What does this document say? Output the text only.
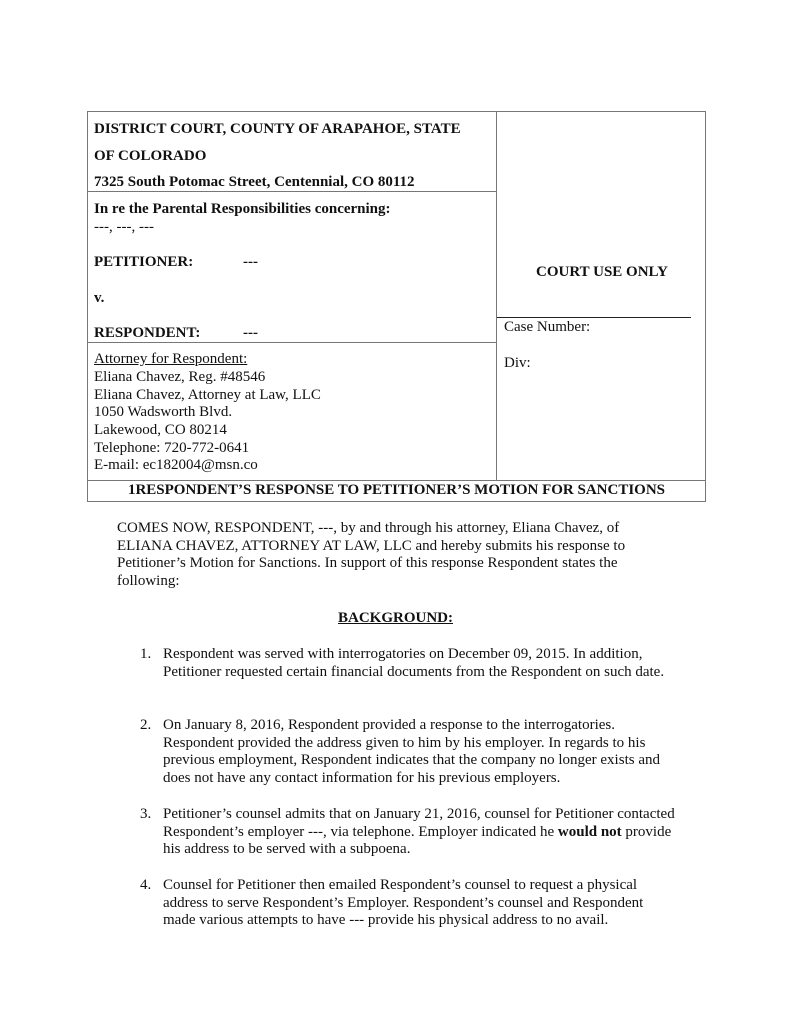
DISTRICT COURT, COUNTY OF ARAPAHOE, STATE
OF COLORADO
7325 South Potomac Street, Centennial, CO 80112
In re the Parental Responsibilities concerning:
---, ---, ---
PETITIONER:	---
v.
RESPONDENT:	---
Attorney for Respondent:
Eliana Chavez, Reg. #48546
Eliana Chavez, Attorney at Law, LLC
1050 Wadsworth Blvd.
Lakewood, CO 80214
Telephone: 720-772-0641
E-mail: ec182004@msn.co
COURT USE ONLY
Case Number:
Div:
1RESPONDENT’S RESPONSE TO PETITIONER’S MOTION FOR SANCTIONS
COMES NOW, RESPONDENT, ---, by and through his attorney, Eliana Chavez, of ELIANA CHAVEZ, ATTORNEY AT LAW, LLC and hereby submits his response to Petitioner’s Motion for Sanctions. In support of this response Respondent states the following:
BACKGROUND:
1. Respondent was served with interrogatories on December 09, 2015. In addition, Petitioner requested certain financial documents from the Respondent on such date.
2. On January 8, 2016, Respondent provided a response to the interrogatories. Respondent provided the address given to him by his employer. In regards to his previous employment, Respondent indicates that the company no longer exists and does not have any contact information for his previous employers.
3. Petitioner’s counsel admits that on January 21, 2016, counsel for Petitioner contacted Respondent’s employer ---, via telephone. Employer indicated he would not provide his address to be served with a subpoena.
4. Counsel for Petitioner then emailed Respondent’s counsel to request a physical address to serve Respondent’s Employer. Respondent’s counsel and Respondent made various attempts to have --- provide his physical address to no avail.
